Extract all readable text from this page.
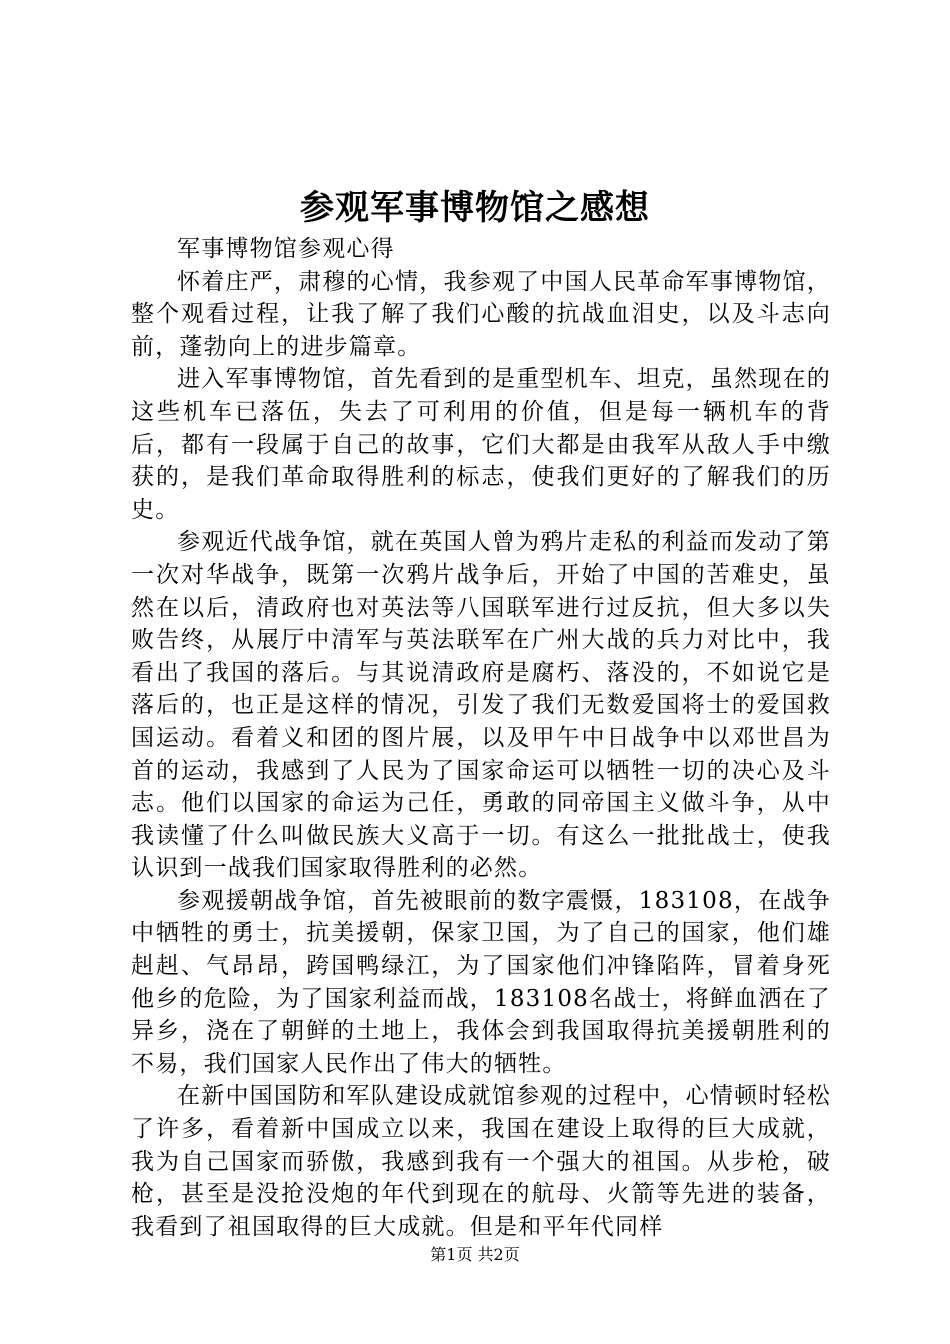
参观军事博物馆之感想

军事博物馆参观心得

怀着庄严，肃穆的心情，我参观了中国人民革命军事博物馆，整个观看过程，让我了解了我们心酸的抗战血泪史，以及斗志向前，蓬勃向上的进步篇章。

进入军事博物馆，首先看到的是重型机车、坦克，虽然现在的这些机车已落伍，失去了可利用的价值，但是每一辆机车的背后，都有一段属于自己的故事，它们大都是由我军从敌人手中缴获的，是我们革命取得胜利的标志，使我们更好的了解我们的历史。

参观近代战争馆，就在英国人曾为鸦片走私的利益而发动了第一次对华战争，既第一次鸦片战争后，开始了中国的苦难史，虽然在以后，清政府也对英法等八国联军进行过反抗，但大多以失败告终，从展厅中清军与英法联军在广州大战的兵力对比中，我看出了我国的落后。与其说清政府是腐朽、落没的，不如说它是落后的，也正是这样的情况，引发了我们无数爱国将士的爱国救国运动。看着义和团的图片展，以及甲午中日战争中以邓世昌为首的运动，我感到了人民为了国家命运可以牺牲一切的决心及斗志。他们以国家的命运为己任，勇敢的同帝国主义做斗争，从中我读懂了什么叫做民族大义高于一切。有这么一批批战士，使我认识到一战我们国家取得胜利的必然。

参观援朝战争馆，首先被眼前的数字震慑，183108，在战争中牺牲的勇士，抗美援朝，保家卫国，为了自己的国家，他们雄赳赳、气昂昂，跨国鸭绿江，为了国家他们冲锋陷阵，冒着身死他乡的危险，为了国家利益而战，183108名战士，将鲜血洒在了异乡，浇在了朝鲜的土地上，我体会到我国取得抗美援朝胜利的不易，我们国家人民作出了伟大的牺牲。

在新中国国防和军队建设成就馆参观的过程中，心情顿时轻松了许多，看着新中国成立以来，我国在建设上取得的巨大成就，我为自己国家而骄傲，我感到我有一个强大的祖国。从步枪，破枪，甚至是没抢没炮的年代到现在的航母、火箭等先进的装备，我看到了祖国取得的巨大成就。但是和平年代同样

第1页 共2页
